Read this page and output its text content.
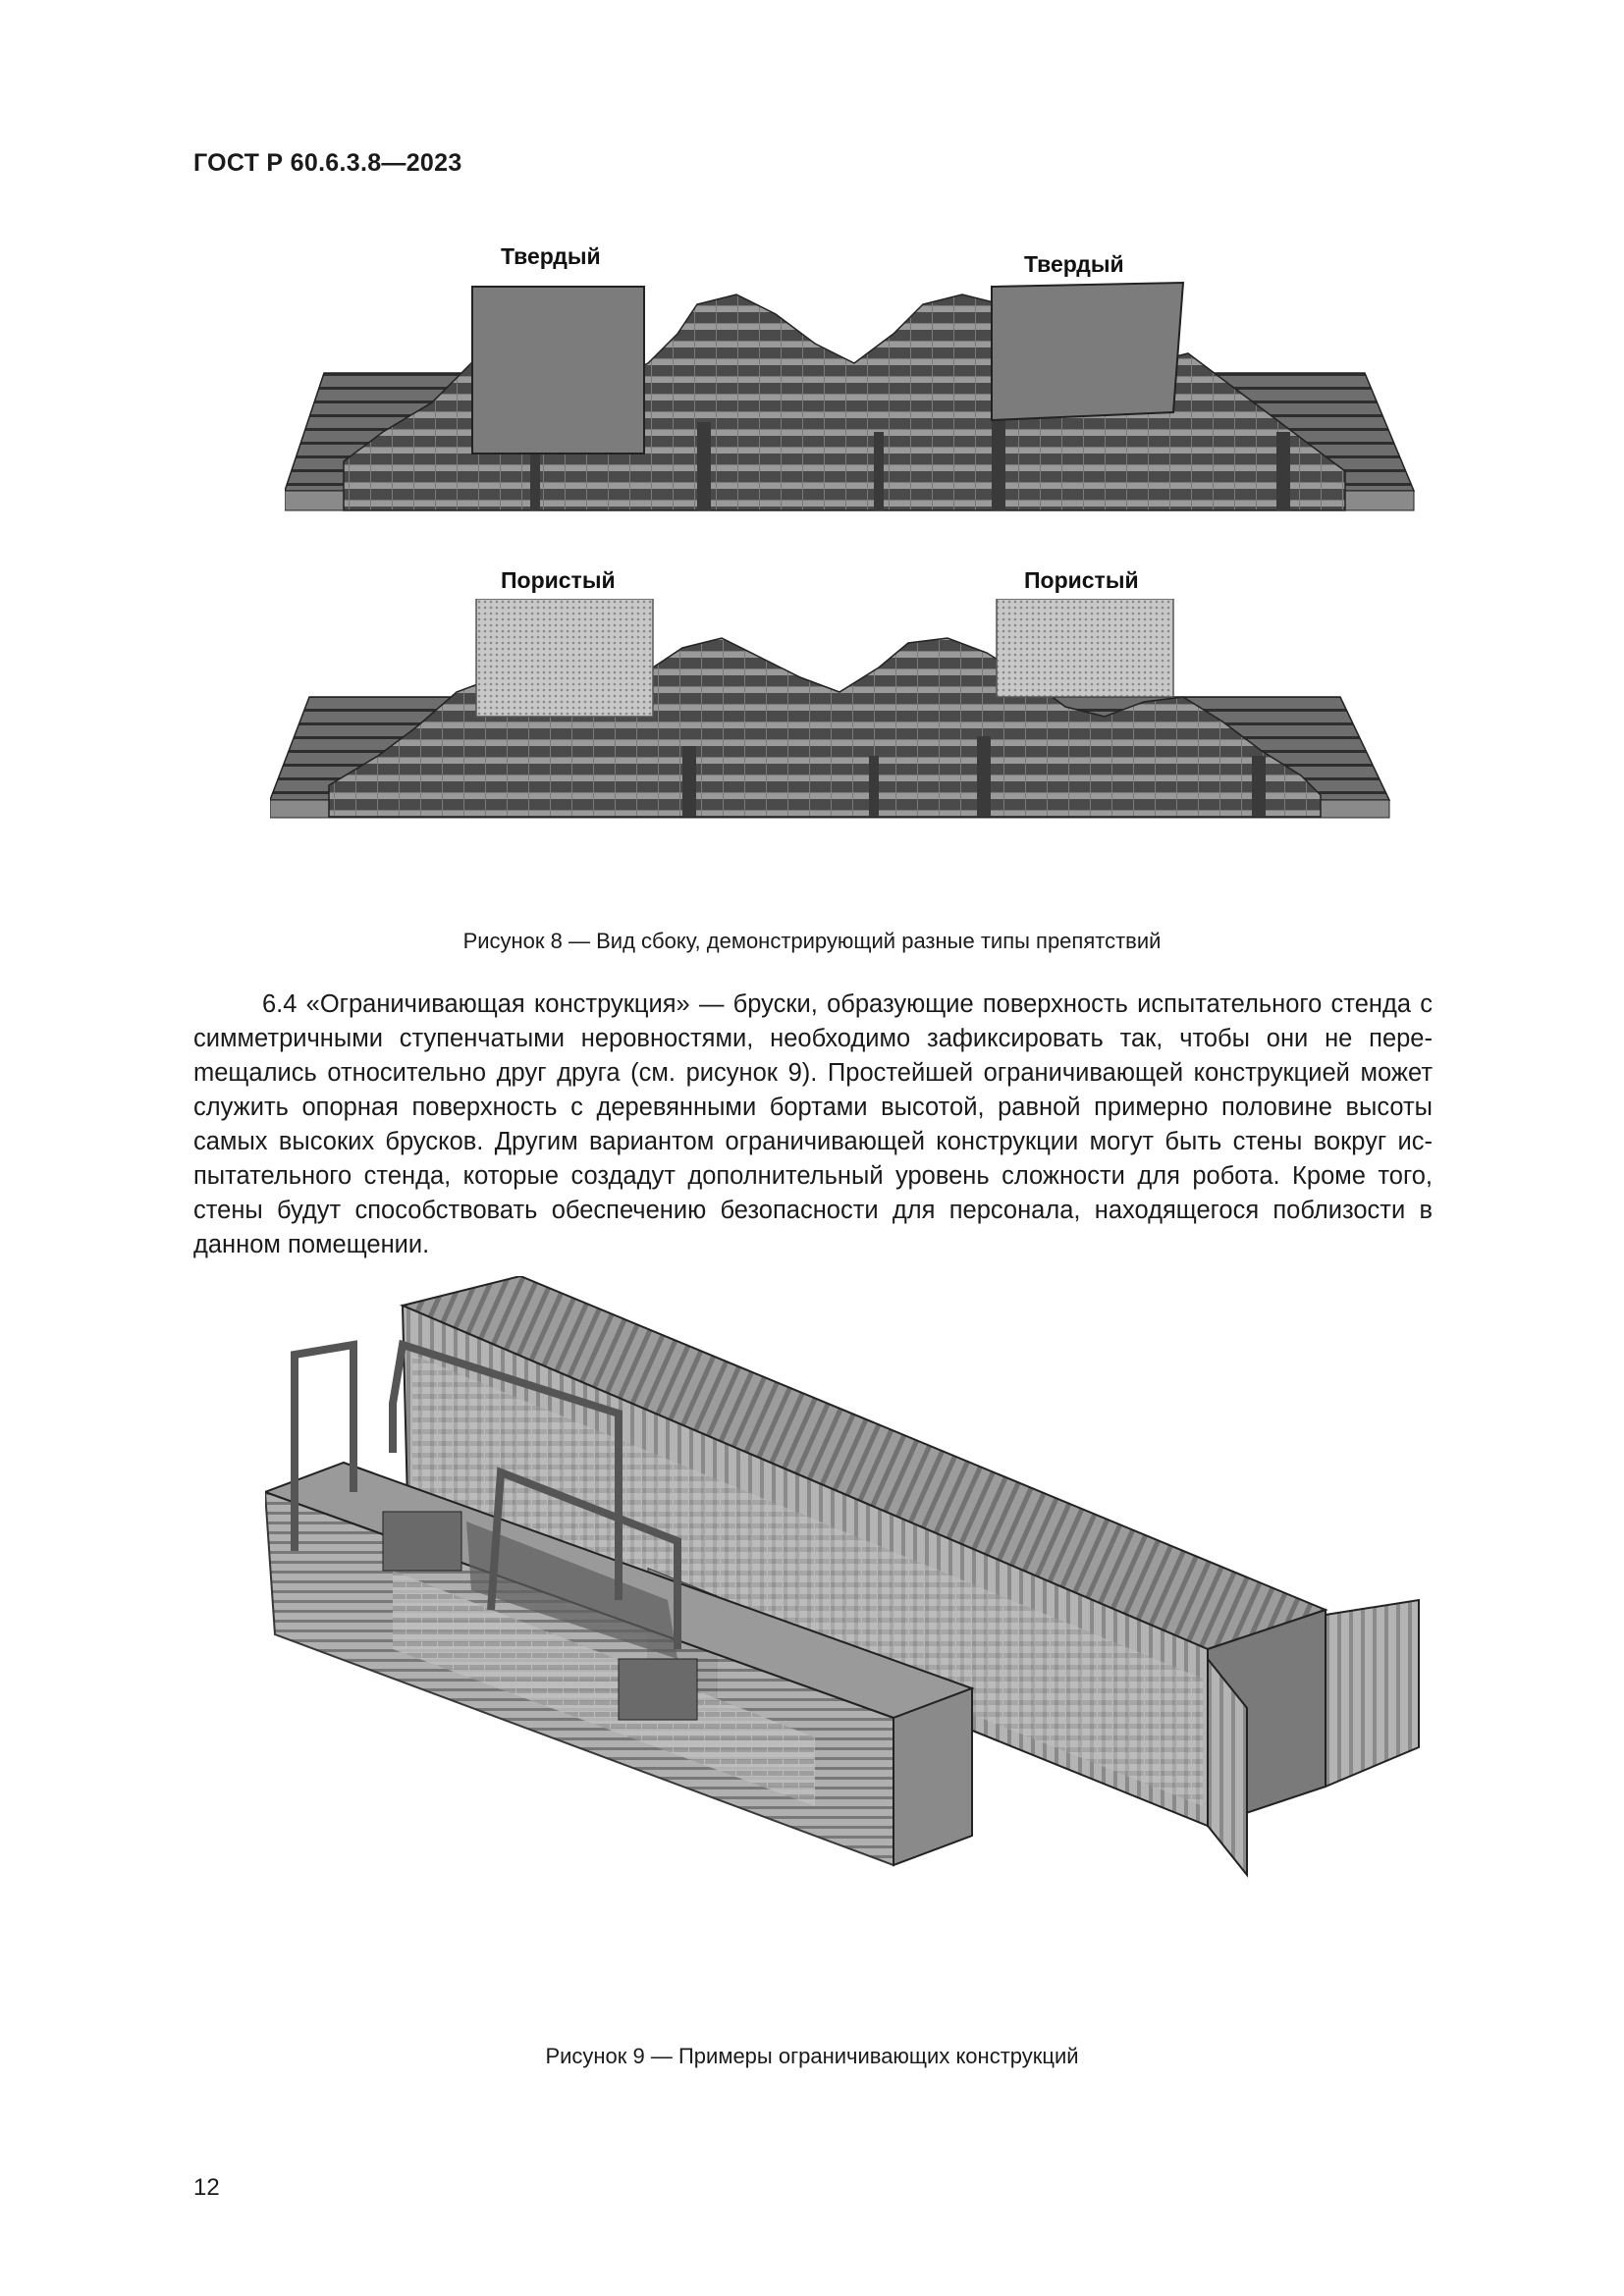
ГОСТ Р 60.6.3.8—2023
Твердый	Твердый
Пористый	Пористый
Рисунок 8 — Вид сбоку, демонстрирующий разные типы препятствий
6.4 «Ограничивающая конструкция» — бруски, образующие поверхность испытательного стенда с симметричными ступенчатыми неровностями, необходимо зафиксировать так, чтобы они не переmещались относительно друг друга (см. рисунок 9). Простейшей ограничивающей конструкцией может служить опорная поверхность с деревянными бортами высотой, равной примерно половине высоты самых высоких брусков. Другим вариантом ограничивающей конструкции могут быть стены вокруг испытательного стенда, которые создадут дополнительный уровень сложности для робота. Кроме того, стены будут способствовать обеспечению безопасности для персонала, находящегося поблизости в данном помещении.
Рисунок 9 — Примеры ограничивающих конструкций
12
